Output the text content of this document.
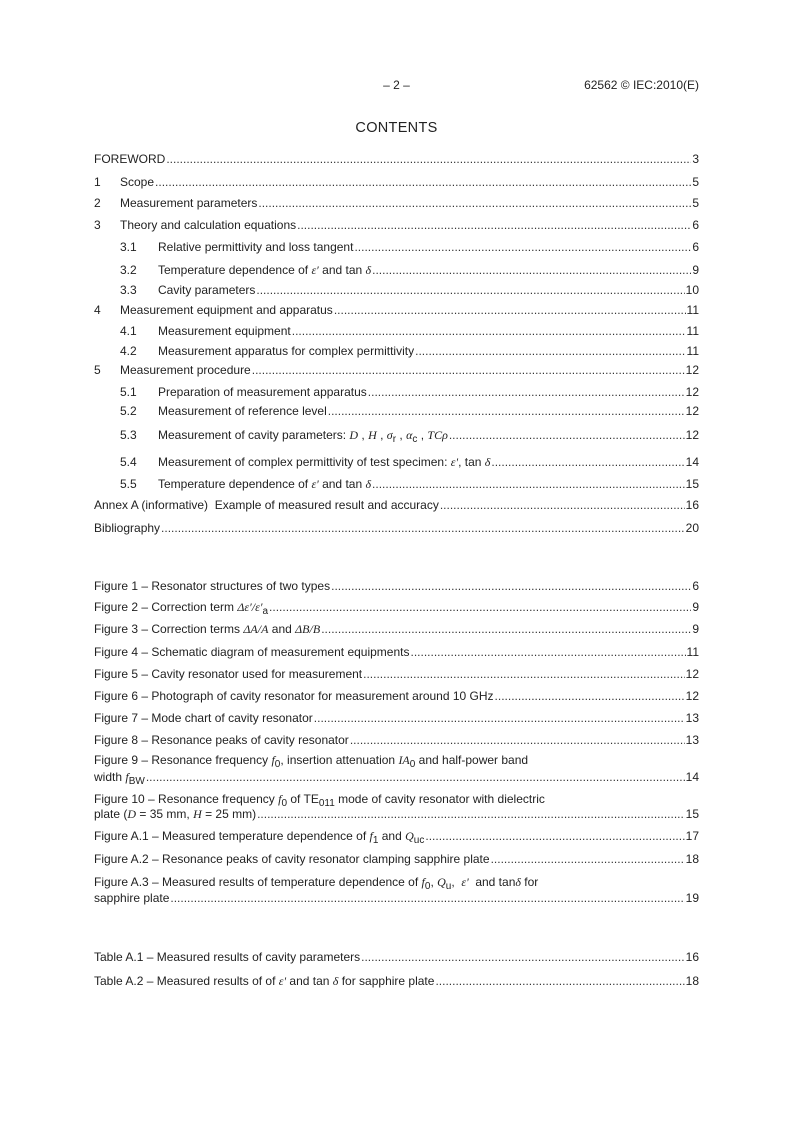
– 2 –	62562 © IEC:2010(E)
CONTENTS
FOREWORD .....	3
1	Scope .....	5
2	Measurement parameters .....	5
3	Theory and calculation equations .....	6
3.1	Relative permittivity and loss tangent .....	6
3.2	Temperature dependence of ε′ and tan δ .....	9
3.3	Cavity parameters .....	10
4	Measurement equipment and apparatus .....	11
4.1	Measurement equipment .....	11
4.2	Measurement apparatus for complex permittivity .....	11
5	Measurement procedure .....	12
5.1	Preparation of measurement apparatus .....	12
5.2	Measurement of reference level .....	12
5.3	Measurement of cavity parameters: D , H , $\sigma_r$ , $\alpha_c$ , TCρ .....	12
5.4	Measurement of complex permittivity of test specimen: ε', tan δ .....	14
5.5	Temperature dependence of ε' and tan δ .....	15
Annex A (informative)  Example of measured result and accuracy .....	16
Bibliography .....	20
Figure 1 – Resonator structures of two types .....	6
Figure 2 – Correction term $\Delta\varepsilon'/\varepsilon'_a$ .....	9
Figure 3 – Correction terms ΔA/A and ΔB/B .....	9
Figure 4 – Schematic diagram of measurement equipments .....	11
Figure 5 – Cavity resonator used for measurement .....	12
Figure 6 – Photograph of cavity resonator for measurement around 10 GHz .....	12
Figure 7 – Mode chart of cavity resonator .....	13
Figure 8 – Resonance peaks of cavity resonator .....	13
Figure 9 – Resonance frequency $f_0$, insertion attenuation $IA_0$ and half-power band
width $f_{BW}$ .....	14
Figure 10 – Resonance frequency $f_0$ of $TE_{011}$ mode of cavity resonator with dielectric
plate (D = 35 mm, H = 25 mm) .....	15
Figure A.1 – Measured temperature dependence of $f_1$ and $Q_{uc}$ .....	17
Figure A.2 – Resonance peaks of cavity resonator clamping sapphire plate .....	18
Figure A.3 – Measured results of temperature dependence of $f_0$, $Q_u$,  ε'  and tanδ for
sapphire plate .....	19
Table A.1 – Measured results of cavity parameters .....	16
Table A.2 – Measured results of of ε' and tan δ for sapphire plate .....	18
